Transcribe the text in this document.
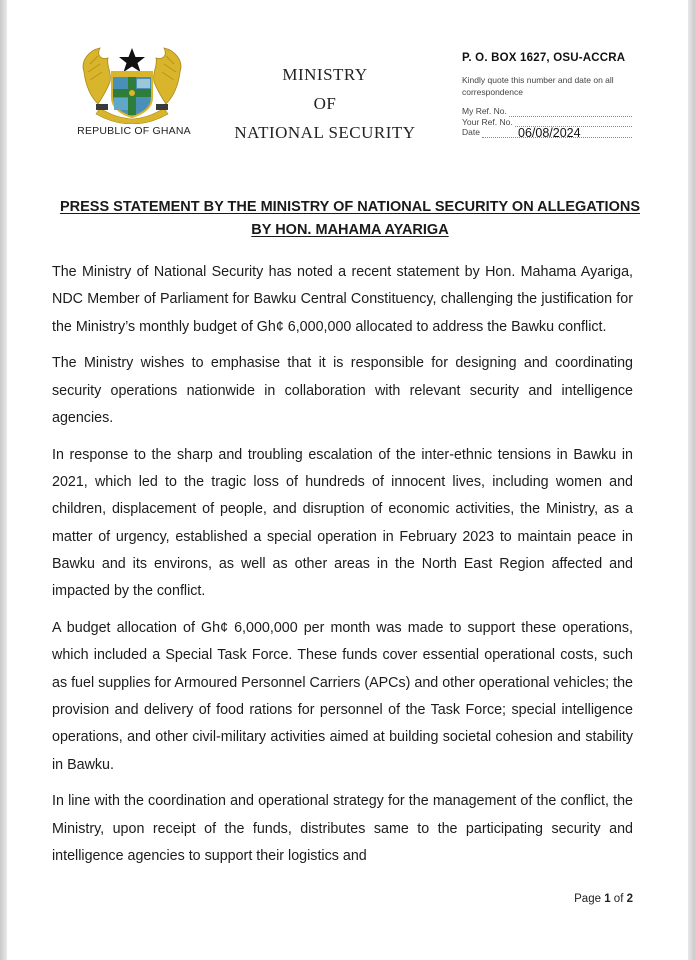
REPUBLIC OF GHANA
MINISTRY
OF
NATIONAL SECURITY
P. O. BOX 1627, OSU-ACCRA
Kindly quote this number and date on all correspondence
My Ref. No.
Your Ref. No.
Date	06/08/2024
PRESS STATEMENT BY THE MINISTRY OF NATIONAL SECURITY ON ALLEGATIONS
BY HON. MAHAMA AYARIGA

The Ministry of National Security has noted a recent statement by Hon. Mahama Ayariga, NDC Member of Parliament for Bawku Central Constituency, challenging the justification for the Ministry’s monthly budget of Gh¢ 6,000,000 allocated to address the Bawku conflict.

The Ministry wishes to emphasise that it is responsible for designing and coordinating security operations nationwide in collaboration with relevant security and intelligence agencies.

In response to the sharp and troubling escalation of the inter-ethnic tensions in Bawku in 2021, which led to the tragic loss of hundreds of innocent lives, including women and children, displacement of people, and disruption of economic activities, the Ministry, as a matter of urgency, established a special operation in February 2023 to maintain peace in Bawku and its environs, as well as other areas in the North East Region affected and impacted by the conflict.

A budget allocation of Gh¢ 6,000,000 per month was made to support these operations, which included a Special Task Force. These funds cover essential operational costs, such as fuel supplies for Armoured Personnel Carriers (APCs) and other operational vehicles; the provision and delivery of food rations for personnel of the Task Force; special intelligence operations, and other civil-military activities aimed at building societal cohesion and stability in Bawku.

In line with the coordination and operational strategy for the management of the conflict, the Ministry, upon receipt of the funds, distributes same to the participating security and intelligence agencies to support their logistics and

Page 1 of 2
